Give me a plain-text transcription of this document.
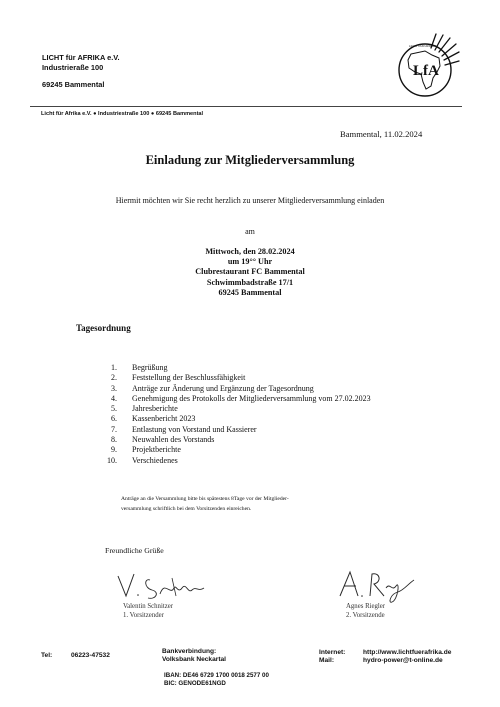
LICHT für AFRIKA e.V.
Industrieraße 100
69245 Bammental
LfA
LICHT FÜR AFRIKA
Licht für Afrika e.V. ● Industriestraße 100 ● 69245 Bammental
Bammental, 11.02.2024
Einladung zur Mitgliederversammlung
Hiermit möchten wir Sie recht herzlich zu unserer Mitgliederversammlung einladen
am
Mittwoch, den 28.02.2024
um 19°° Uhr
Clubrestaurant FC Bammental
Schwimmbadstraße 17/1
69245 Bammental
Tagesordnung
1. Begrüßung
2. Feststellung der Beschlussfähigkeit
3. Anträge zur Änderung und Ergänzung der Tagesordnung
4. Genehmigung des Protokolls der Mitgliederversammlung vom 27.02.2023
5. Jahresberichte
6. Kassenbericht 2023
7. Entlastung von Vorstand und Kassierer
8. Neuwahlen des Vorstands
9. Projektberichte
10. Verschiedenes
Anträge an die Versammlung bitte bis spätestens 8Tage vor der Mitglieder-
versammlung schriftlich bei dem Vorsitzenden einreichen.
Freundliche Grüße
Valentin Schnitzer
1. Vorsitzender
Agnes Riegler
2. Vorsitzende
Tel:	06223-47532
Bankverbindung:
Volksbank Neckartal
IBAN: DE46 6729 1700 0018 2577 00
BIC: GENODE61NGD
Internet:	http://www.lichtfuerafrika.de
Mail:	hydro-power@t-online.de
